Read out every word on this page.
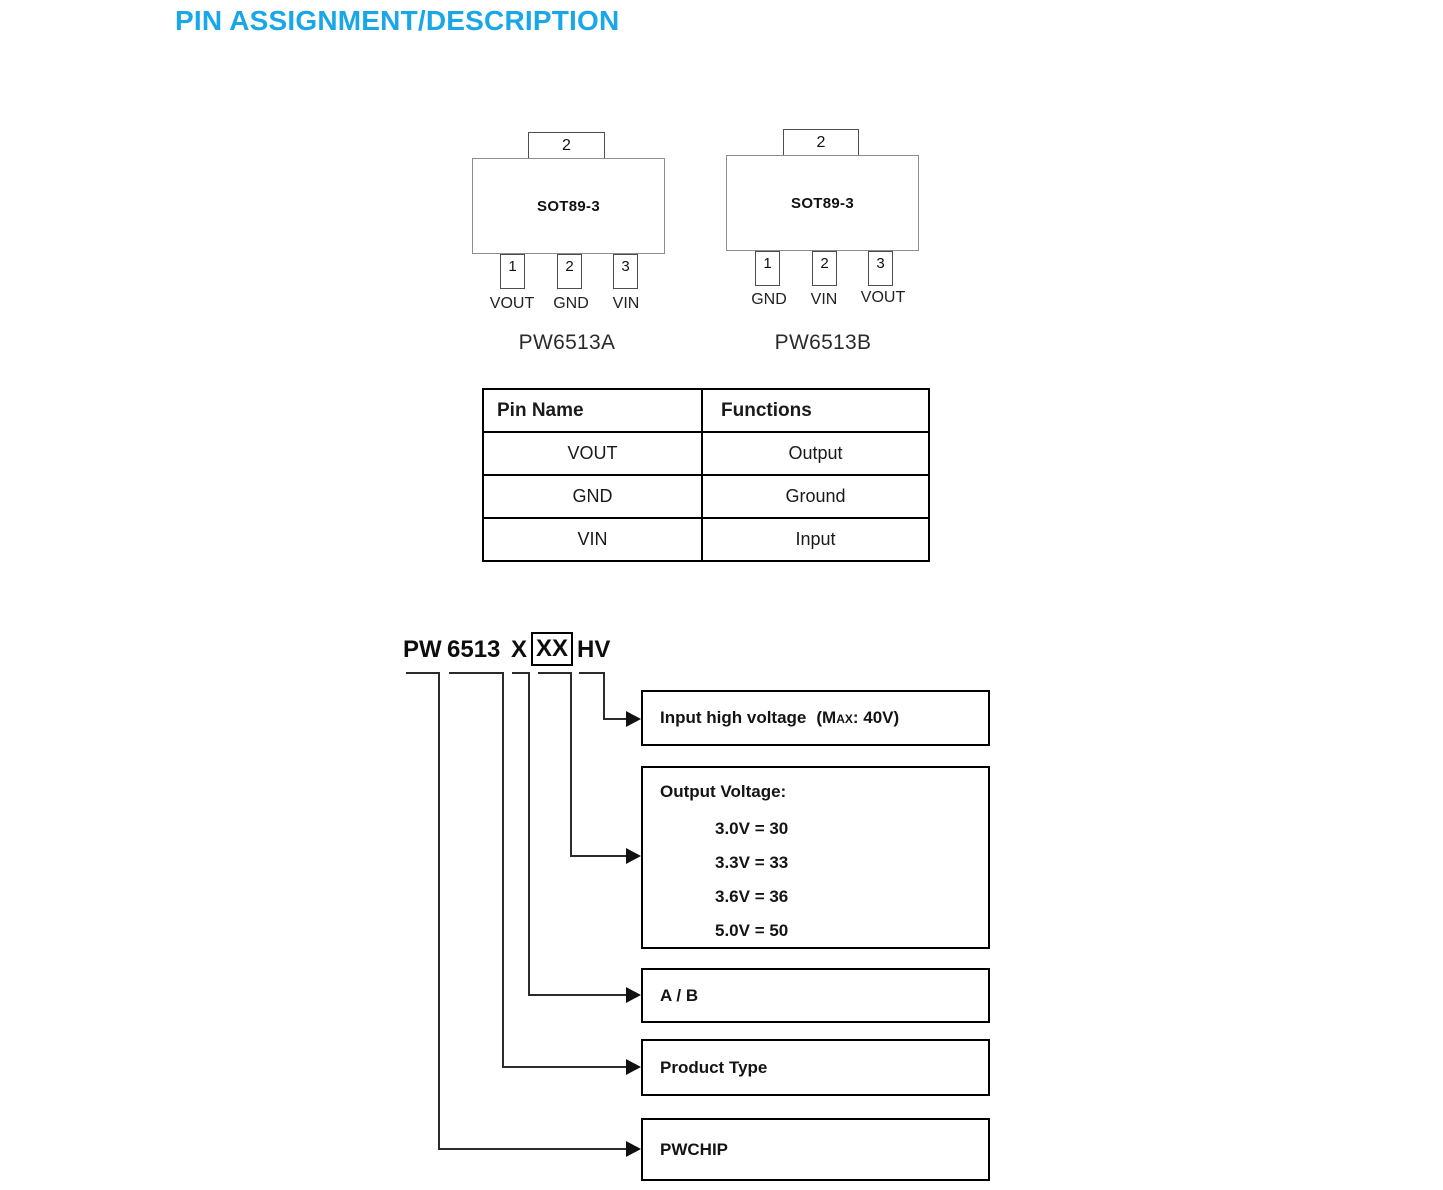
PIN ASSIGNMENT/DESCRIPTION
2
SOT89-3
1	2	3
VOUT	GND	VIN
PW6513A
2
SOT89-3
1	2	3
GND	VIN	VOUT
PW6513B
Pin Name	Functions
VOUT	Output
GND	Ground
VIN	Input
PW 6513 X XX HV
Input high voltage (Max: 40V)
Output Voltage:
3.0V = 30
3.3V = 33
3.6V = 36
5.0V = 50
A / B
Product Type
PWCHIP
